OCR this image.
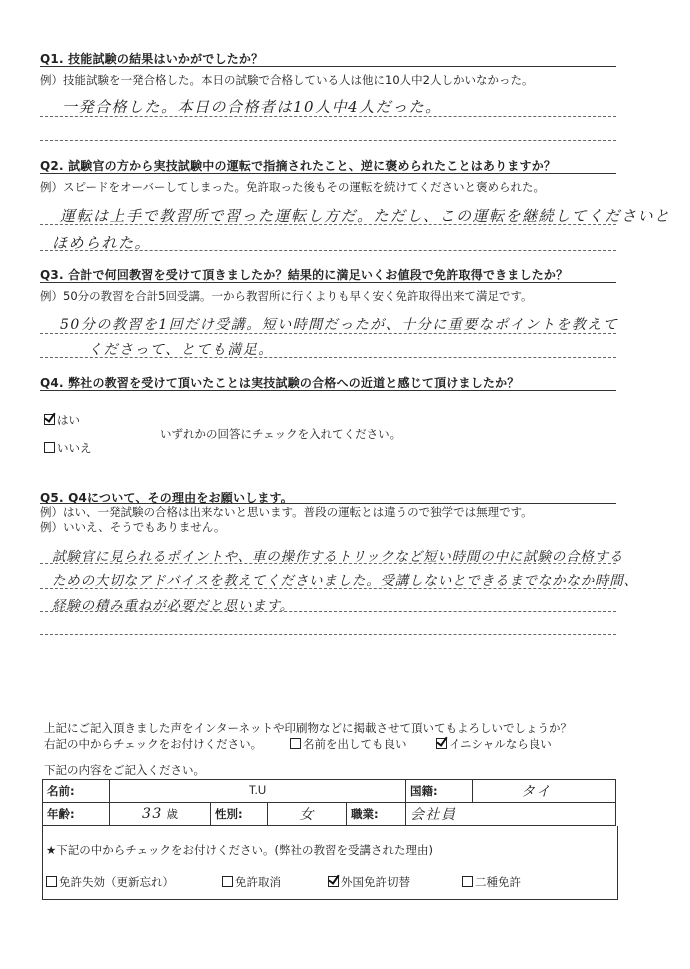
Q1. 技能試験の結果はいかがでしたか？
例）技能試験を一発合格した。本日の試験で合格している人は他に10人中2人しかいなかった。
一発合格した。本日の合格者は10人中4人だった。
Q2. 試験官の方から実技試験中の運転で指摘されたこと、逆に褒められたことはありますか？
例）スピードをオーバーしてしまった。免許取った後もその運転を続けてくださいと褒められた。
運転は上手で教習所で習った運転し方だ。ただし、この運転を継続してくださいと
ほめられた。
Q3. 合計で何回教習を受けて頂きましたか？結果的に満足いくお値段で免許取得できましたか？
例）50分の教習を合計5回受講。一から教習所に行くよりも早く安く免許取得出来て満足です。
50分の教習を1回だけ受講。短い時間だったが、十分に重要なポイントを教えて
くださって、とても満足。
Q4. 弊社の教習を受けて頂いたことは実技試験の合格への近道と感じて頂けましたか？
はい
いずれかの回答にチェックを入れてください。
いいえ
Q5. Q4について、その理由をお願いします。
例）はい、一発試験の合格は出来ないと思います。普段の運転とは違うので独学では無理です。
例）いいえ、そうでもありません。
試験官に見られるポイントや、車の操作するトリックなど短い時間の中に試験の合格する
ための大切なアドバイスを教えてくださいました。受講しないとできるまでなかなか時間、
経験の積み重ねが必要だと思います。
上記にご記入頂きました声をインターネットや印刷物などに掲載させて頂いてもよろしいでしょうか？
右記の中からチェックをお付けください。	名前を出しても良い	イニシャルなら良い
下記の内容をご記入ください。
名前:	T.U				国籍:	タイ
年齢:	33 歳	性別:	女	職業:	会社員	
★下記の中からチェックをお付けください。(弊社の教習を受講された理由)
免許失効（更新忘れ）	免許取消	外国免許切替	二種免許
